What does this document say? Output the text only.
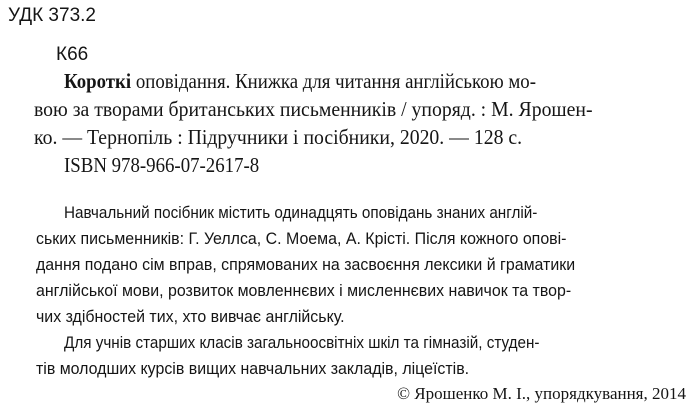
УДК 373.2
К66
Короткі оповідання. Книжка для читання англійською мо-
вою за творами британських письменників / упоряд. : М. Ярошен-
ко. — Тернопіль : Підручники і посібники, 2020. — 128 с.
ISBN 978-966-07-2617-8
Навчальний посібник містить одинадцять оповідань знаних англій-
ських письменників: Г. Уеллса, С. Моема, А. Крісті. Після кожного опові-
дання подано сім вправ, спрямованих на засвоєння лексики й граматики
англійської мови, розвиток мовленнєвих і мисленнєвих навичок та твор-
чих здібностей тих, хто вивчає англійську.
Для учнів старших класів загальноосвітніх шкіл та гімназій, студен-
тів молодших курсів вищих навчальних закладів, ліцеїстів.
© Ярошенко М. І., упорядкування, 2014
